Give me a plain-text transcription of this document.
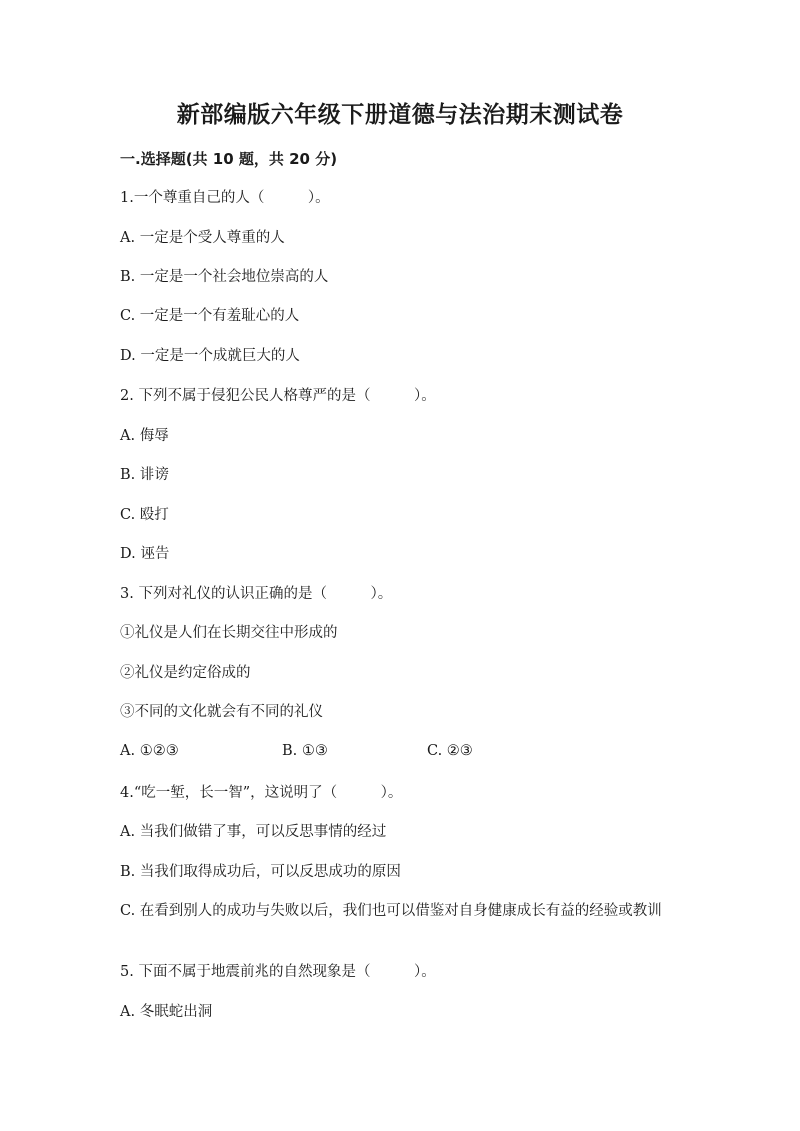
新部编版六年级下册道德与法治期末测试卷
一.选择题(共 10 题，共 20 分)
1.一个尊重自己的人（　　　）。
A. 一定是个受人尊重的人
B. 一定是一个社会地位崇高的人
C. 一定是一个有羞耻心的人
D. 一定是一个成就巨大的人
2. 下列不属于侵犯公民人格尊严的是（　　　）。
A. 侮辱
B. 诽谤
C. 殴打
D. 诬告
3. 下列对礼仪的认识正确的是（　　　）。
①礼仪是人们在长期交往中形成的
②礼仪是约定俗成的
③不同的文化就会有不同的礼仪
A. ①②③	B. ①③	C. ②③
4.“吃一堑，长一智”，这说明了（　　　）。
A. 当我们做错了事，可以反思事情的经过
B. 当我们取得成功后，可以反思成功的原因
C. 在看到别人的成功与失败以后，我们也可以借鉴对自身健康成长有益的经验或教训
5. 下面不属于地震前兆的自然现象是（　　　）。
A. 冬眠蛇出洞
